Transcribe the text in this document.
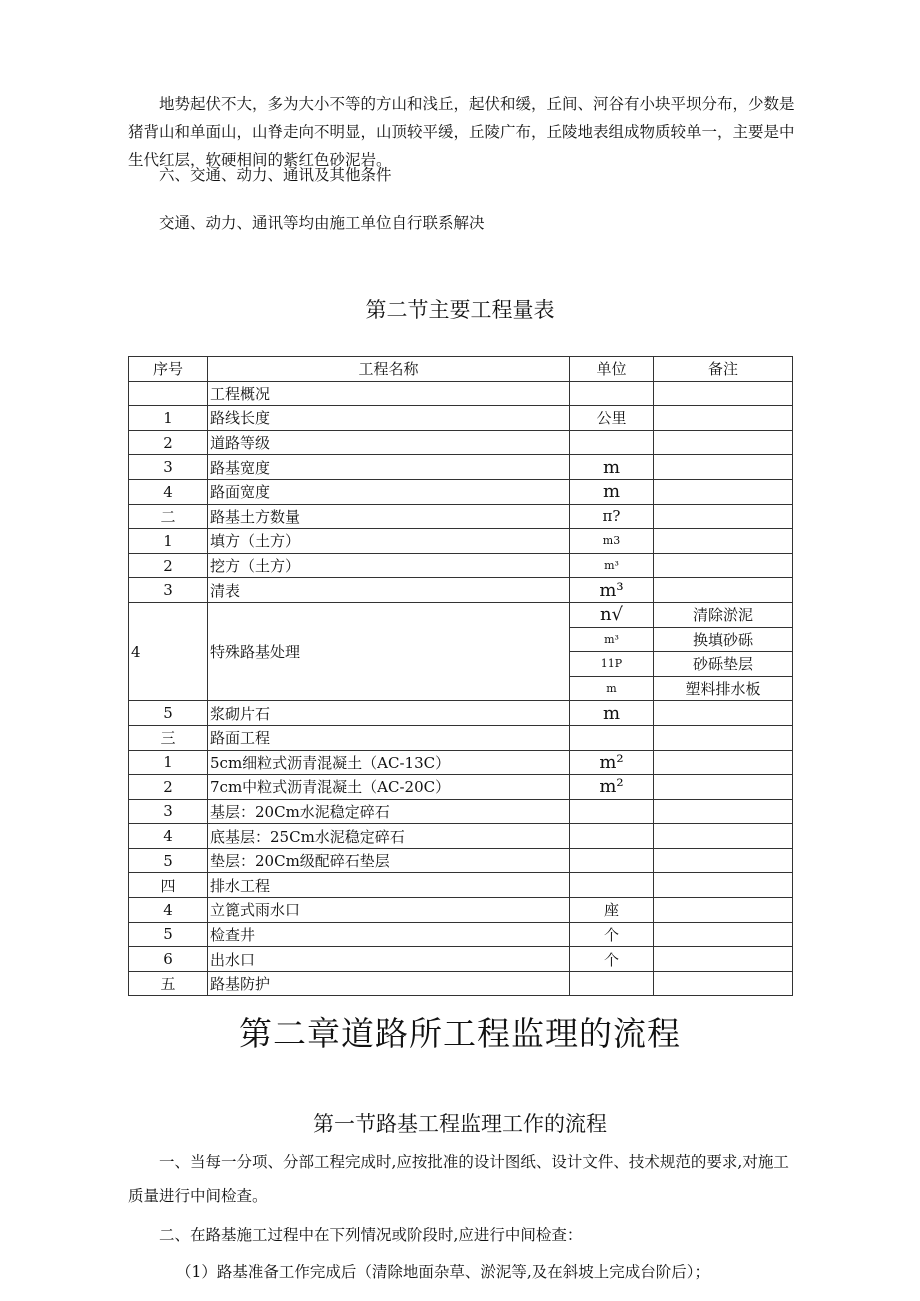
地势起伏不大，多为大小不等的方山和浅丘，起伏和缓，丘间、河谷有小块平坝分布，少数是猪背山和单面山，山脊走向不明显，山顶较平缓，丘陵广布，丘陵地表组成物质较单一，主要是中生代红层，软硬相间的紫红色砂泥岩。

六、交通、动力、通讯及其他条件

交通、动力、通讯等均由施工单位自行联系解决

第二节主要工程量表
序号	工程名称	单位	备注
	工程概况		
1	路线长度	公里	
2	道路等级		
3	路基宽度	m	
4	路面宽度	m	
二	路基土方数量	π?	
1	填方（土方）	m3	
2	挖方（土方）	m³	
3	清表	m³	
4	特殊路基处理	n√	清除淤泥
		m³	换填砂砾
		11P	砂砾垫层
		m	塑料排水板
5	浆砌片石	m	
三	路面工程		
1	5cm细粒式沥青混凝土（AC-13C）	m²	
2	7cm中粒式沥青混凝土（AC-20C）	m²	
3	基层：20Cm水泥稳定碎石		
4	底基层：25Cm水泥稳定碎石		
5	垫层：20Cm级配碎石垫层		
四	排水工程		
4	立篦式雨水口	座	
5	检查井	个	
6	出水口	个	
五	路基防护		
第二章道路所工程监理的流程
第一节路基工程监理工作的流程

一、当每一分项、分部工程完成时,应按批准的设计图纸、设计文件、技术规范的要求,对施工质量进行中间检查。

二、在路基施工过程中在下列情况或阶段时,应进行中间检查：

（1）路基准备工作完成后（清除地面杂草、淤泥等,及在斜坡上完成台阶后）；
